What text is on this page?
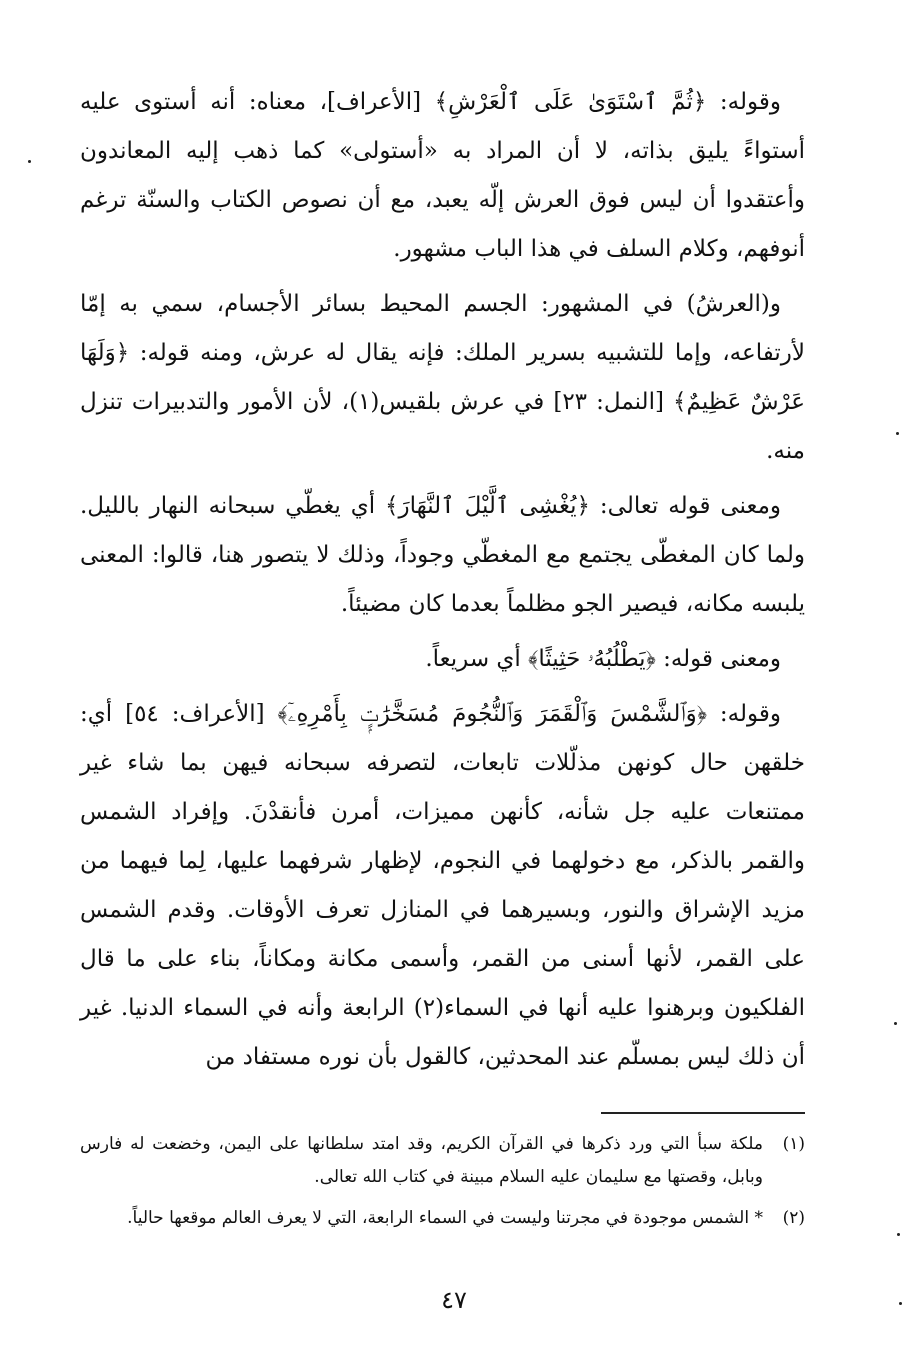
وقوله: ﴿ثُمَّ ٱسْتَوَىٰ عَلَى ٱلْعَرْشِ﴾ [الأعراف]، معناه: أنه أستوى عليه أستواءً يليق بذاته، لا أن المراد به «أستولى» كما ذهب إليه المعاندون وأعتقدوا أن ليس فوق العرش إلّه يعبد، مع أن نصوص الكتاب والسنّة ترغم أنوفهم، وكلام السلف في هذا الباب مشهور.

و(العرشُ) في المشهور: الجسم المحيط بسائر الأجسام، سمي به إمّا لأرتفاعه، وإما للتشبيه بسرير الملك: فإنه يقال له عرش، ومنه قوله: ﴿وَلَهَا عَرْشٌ عَظِيمٌ﴾ [النمل: ٢٣] في عرش بلقيس(١)، لأن الأمور والتدبيرات تنزل منه.

ومعنى قوله تعالى: ﴿يُغْشِى ٱلَّيْلَ ٱلنَّهَارَ﴾ أي يغطّي سبحانه النهار بالليل. ولما كان المغطّى يجتمع مع المغطّي وجوداً، وذلك لا يتصور هنا، قالوا: المعنى يلبسه مكانه، فيصير الجو مظلماً بعدما كان مضيئاً.

ومعنى قوله: ﴿يَطْلُبُهُۥ حَثِيثًا﴾ أي سريعاً.

وقوله: ﴿وَٱلشَّمْسَ وَٱلْقَمَرَ وَٱلنُّجُومَ مُسَخَّرَٰتٍۭ بِأَمْرِهِۦٓ﴾ [الأعراف: ٥٤] أي: خلقهن حال كونهن مذلّلات تابعات، لتصرفه سبحانه فيهن بما شاء غير ممتنعات عليه جل شأنه، كأنهن مميزات، أمرن فأنقدْنَ. وإفراد الشمس والقمر بالذكر، مع دخولهما في النجوم، لإظهار شرفهما عليها، لِما فيهما من مزيد الإشراق والنور، وبسيرهما في المنازل تعرف الأوقات. وقدم الشمس على القمر، لأنها أسنى من القمر، وأسمى مكانة ومكاناً، بناء على ما قال الفلكيون وبرهنوا عليه أنها في السماء(٢) الرابعة وأنه في السماء الدنيا. غير أن ذلك ليس بمسلّم عند المحدثين، كالقول بأن نوره مستفاد من

(١)
ملكة سبأ التي ورد ذكرها في القرآن الكريم، وقد امتد سلطانها على اليمن، وخضعت له فارس وبابل، وقصتها مع سليمان عليه السلام مبينة في كتاب الله تعالى.
(٢)
* الشمس موجودة في مجرتنا وليست في السماء الرابعة، التي لا يعرف العالم موقعها حالياً.
٤٧
